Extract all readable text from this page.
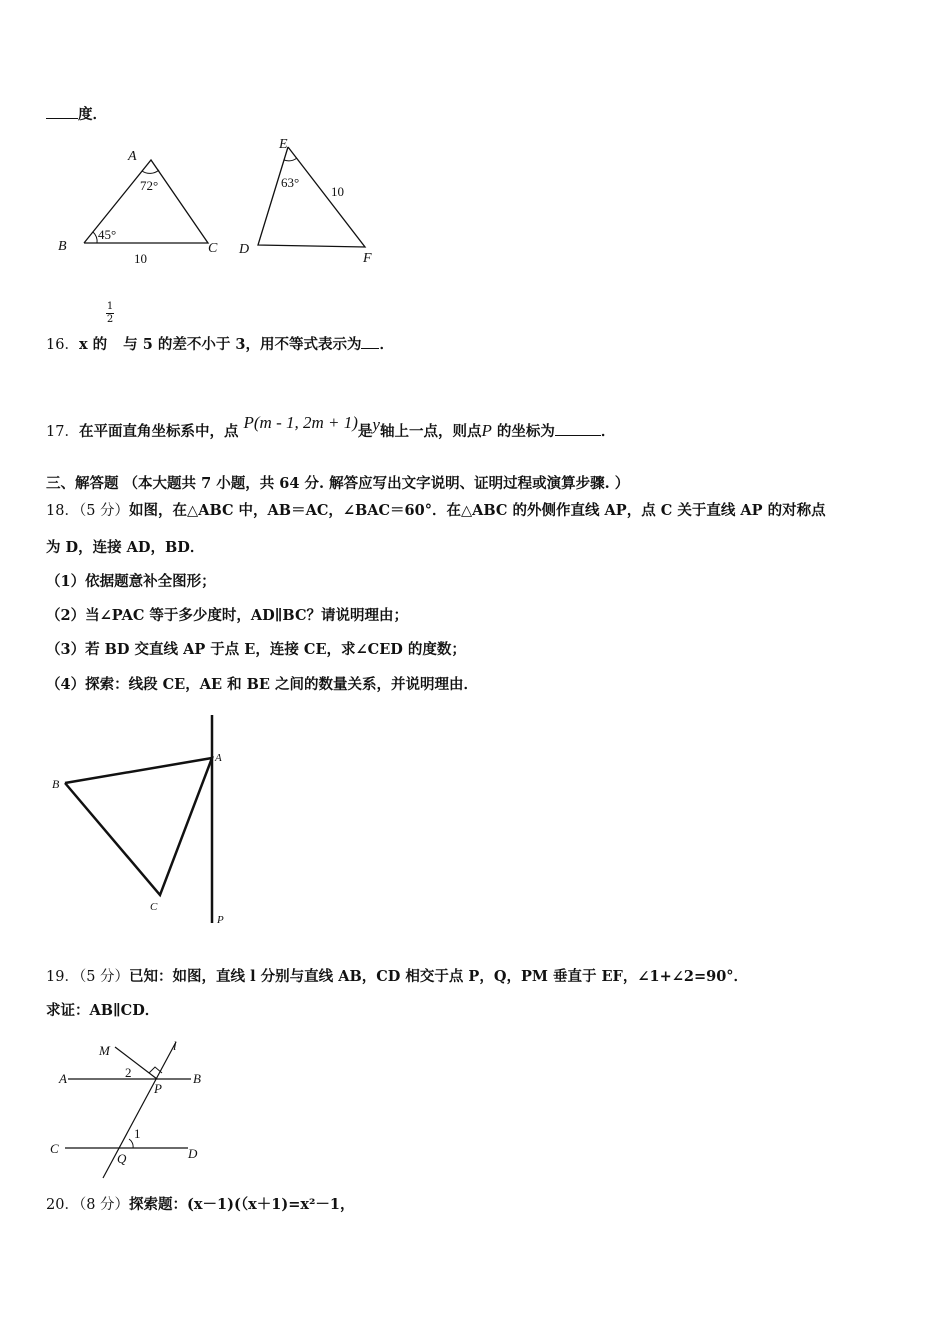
度．
A
B	C
72°
45°
10
E
D
F
63°
10
1
2
16．x 的 与 5 的差不小于 3，用不等式表示为 ．
17．在平面直角坐标系中，点 P(m - 1, 2m + 1)是y轴上一点，则点P 的坐标为	．
三、解答题 （本大题共 7 小题，共 64 分. 解答应写出文字说明、证明过程或演算步骤. ）
18．（5 分）如图，在△ABC 中，AB＝AC，∠BAC＝60°．在△ABC 的外侧作直线 AP，点 C 关于直线 AP 的对称点
为 D，连接 AD，BD．
（1）依据题意补全图形；
（2）当∠PAC 等于多少度时，AD∥BC？请说明理由；
（3）若 BD 交直线 AP 于点 E，连接 CE，求∠CED 的度数；
（4）探索：线段 CE，AE 和 BE 之间的数量关系，并说明理由．
A
B
C
P
19．（5 分）已知：如图，直线 l 分别与直线 AB，CD 相交于点 P，Q，PM 垂直于 EF，∠1+∠2=90°．
求证：AB∥CD．
M	l
A	B
P
C	D
Q
1
2
20．（8 分）探索题：(x－1)(（x＋1)=x²－1，
